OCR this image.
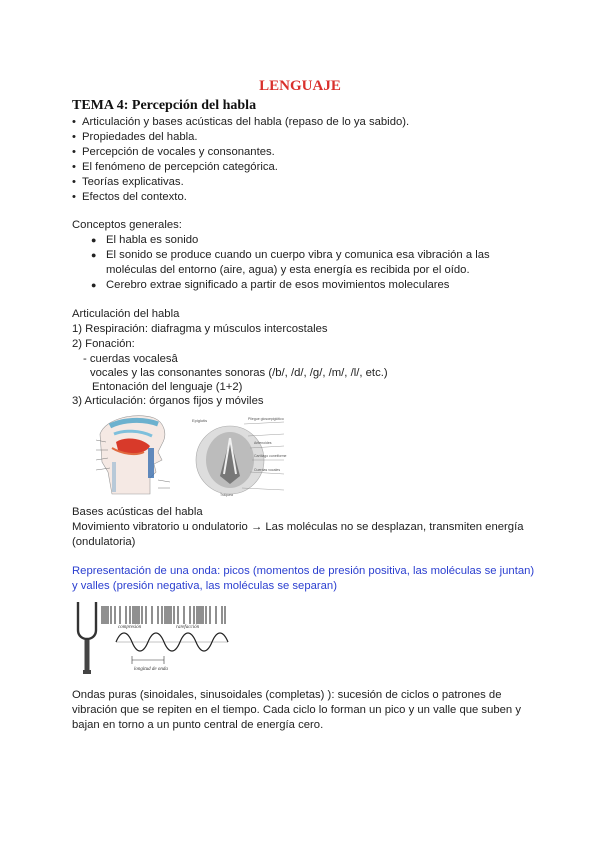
LENGUAJE
TEMA 4: Percepción del habla
• Articulación y bases acústicas del habla (repaso de lo ya sabido).
• Propiedades del habla.
• Percepción de vocales y consonantes.
• El fenómeno de percepción categórica.
• Teorías explicativas.
• Efectos del contexto.
Conceptos generales:
● El habla es sonido
● El sonido se produce cuando un cuerpo vibra y comunica esa vibración a las
moléculas del entorno (aire, agua) y esta energía es recibida por el oído.
● Cerebro extrae significado a partir de esos movimientos moleculares
Articulación del habla
1) Respiración: diafragma y músculos intercostales
2) Fonación:
- cuerdas vocalesâ
vocales y las consonantes sonoras (/b/, /d/, /g/, /m/, /l/, etc.)
Entonación del lenguaje (1+2)
3) Articulación: órganos fijos y móviles
Epiglotis	Pliegue glosoepiglótico
Aritenoides
Cartílago cuneiforme
Cuerdas vocales
Tráquea
Bases acústicas del habla
Movimiento vibratorio u ondulatorio → Las moléculas no se desplazan, transmiten energía
(ondulatoria)
Representación de una onda: picos (momentos de presión positiva, las moléculas se juntan)
y valles (presión negativa, las moléculas se separan)
compresión	rarefacción
longitud de onda
Ondas puras (sinoidales, sinusoidales (completas) ): sucesión de ciclos o patrones de
vibración que se repiten en el tiempo. Cada ciclo lo forman un pico y un valle que suben y
bajan en torno a un punto central de energía cero.
